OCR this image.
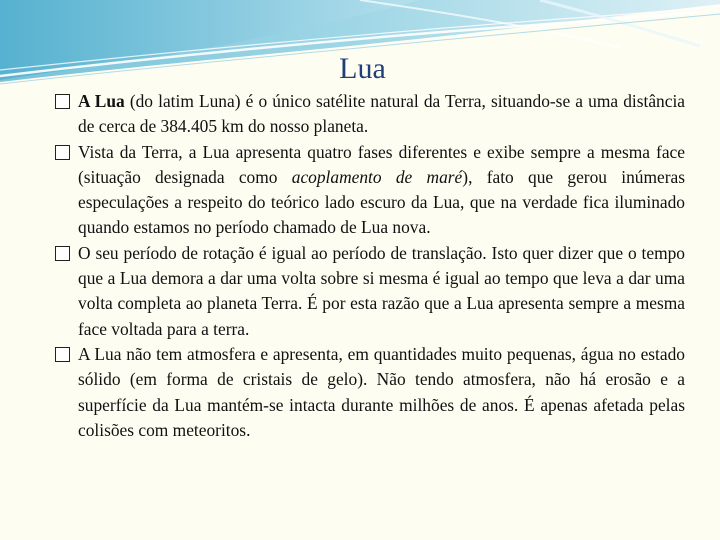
Lua

A Lua (do latim Luna) é o único satélite natural da Terra, situando-se a uma distância de cerca de 384.405 km do nosso planeta.

Vista da Terra, a Lua apresenta quatro fases diferentes e exibe sempre a mesma face (situação designada como acoplamento de maré), fato que gerou inúmeras especulações a respeito do teórico lado escuro da Lua, que na verdade fica iluminado quando estamos no período chamado de Lua nova.

O seu período de rotação é igual ao período de translação. Isto quer dizer que o tempo que a Lua demora a dar uma volta sobre si mesma é igual ao tempo que leva a dar uma volta completa ao planeta Terra. É por esta razão que a Lua apresenta sempre a mesma face voltada para a terra.

A Lua não tem atmosfera e apresenta, em quantidades muito pequenas, água no estado sólido (em forma de cristais de gelo). Não tendo atmosfera, não há erosão e a superfície da Lua mantém-se intacta durante milhões de anos. É apenas afetada pelas colisões com meteoritos.
